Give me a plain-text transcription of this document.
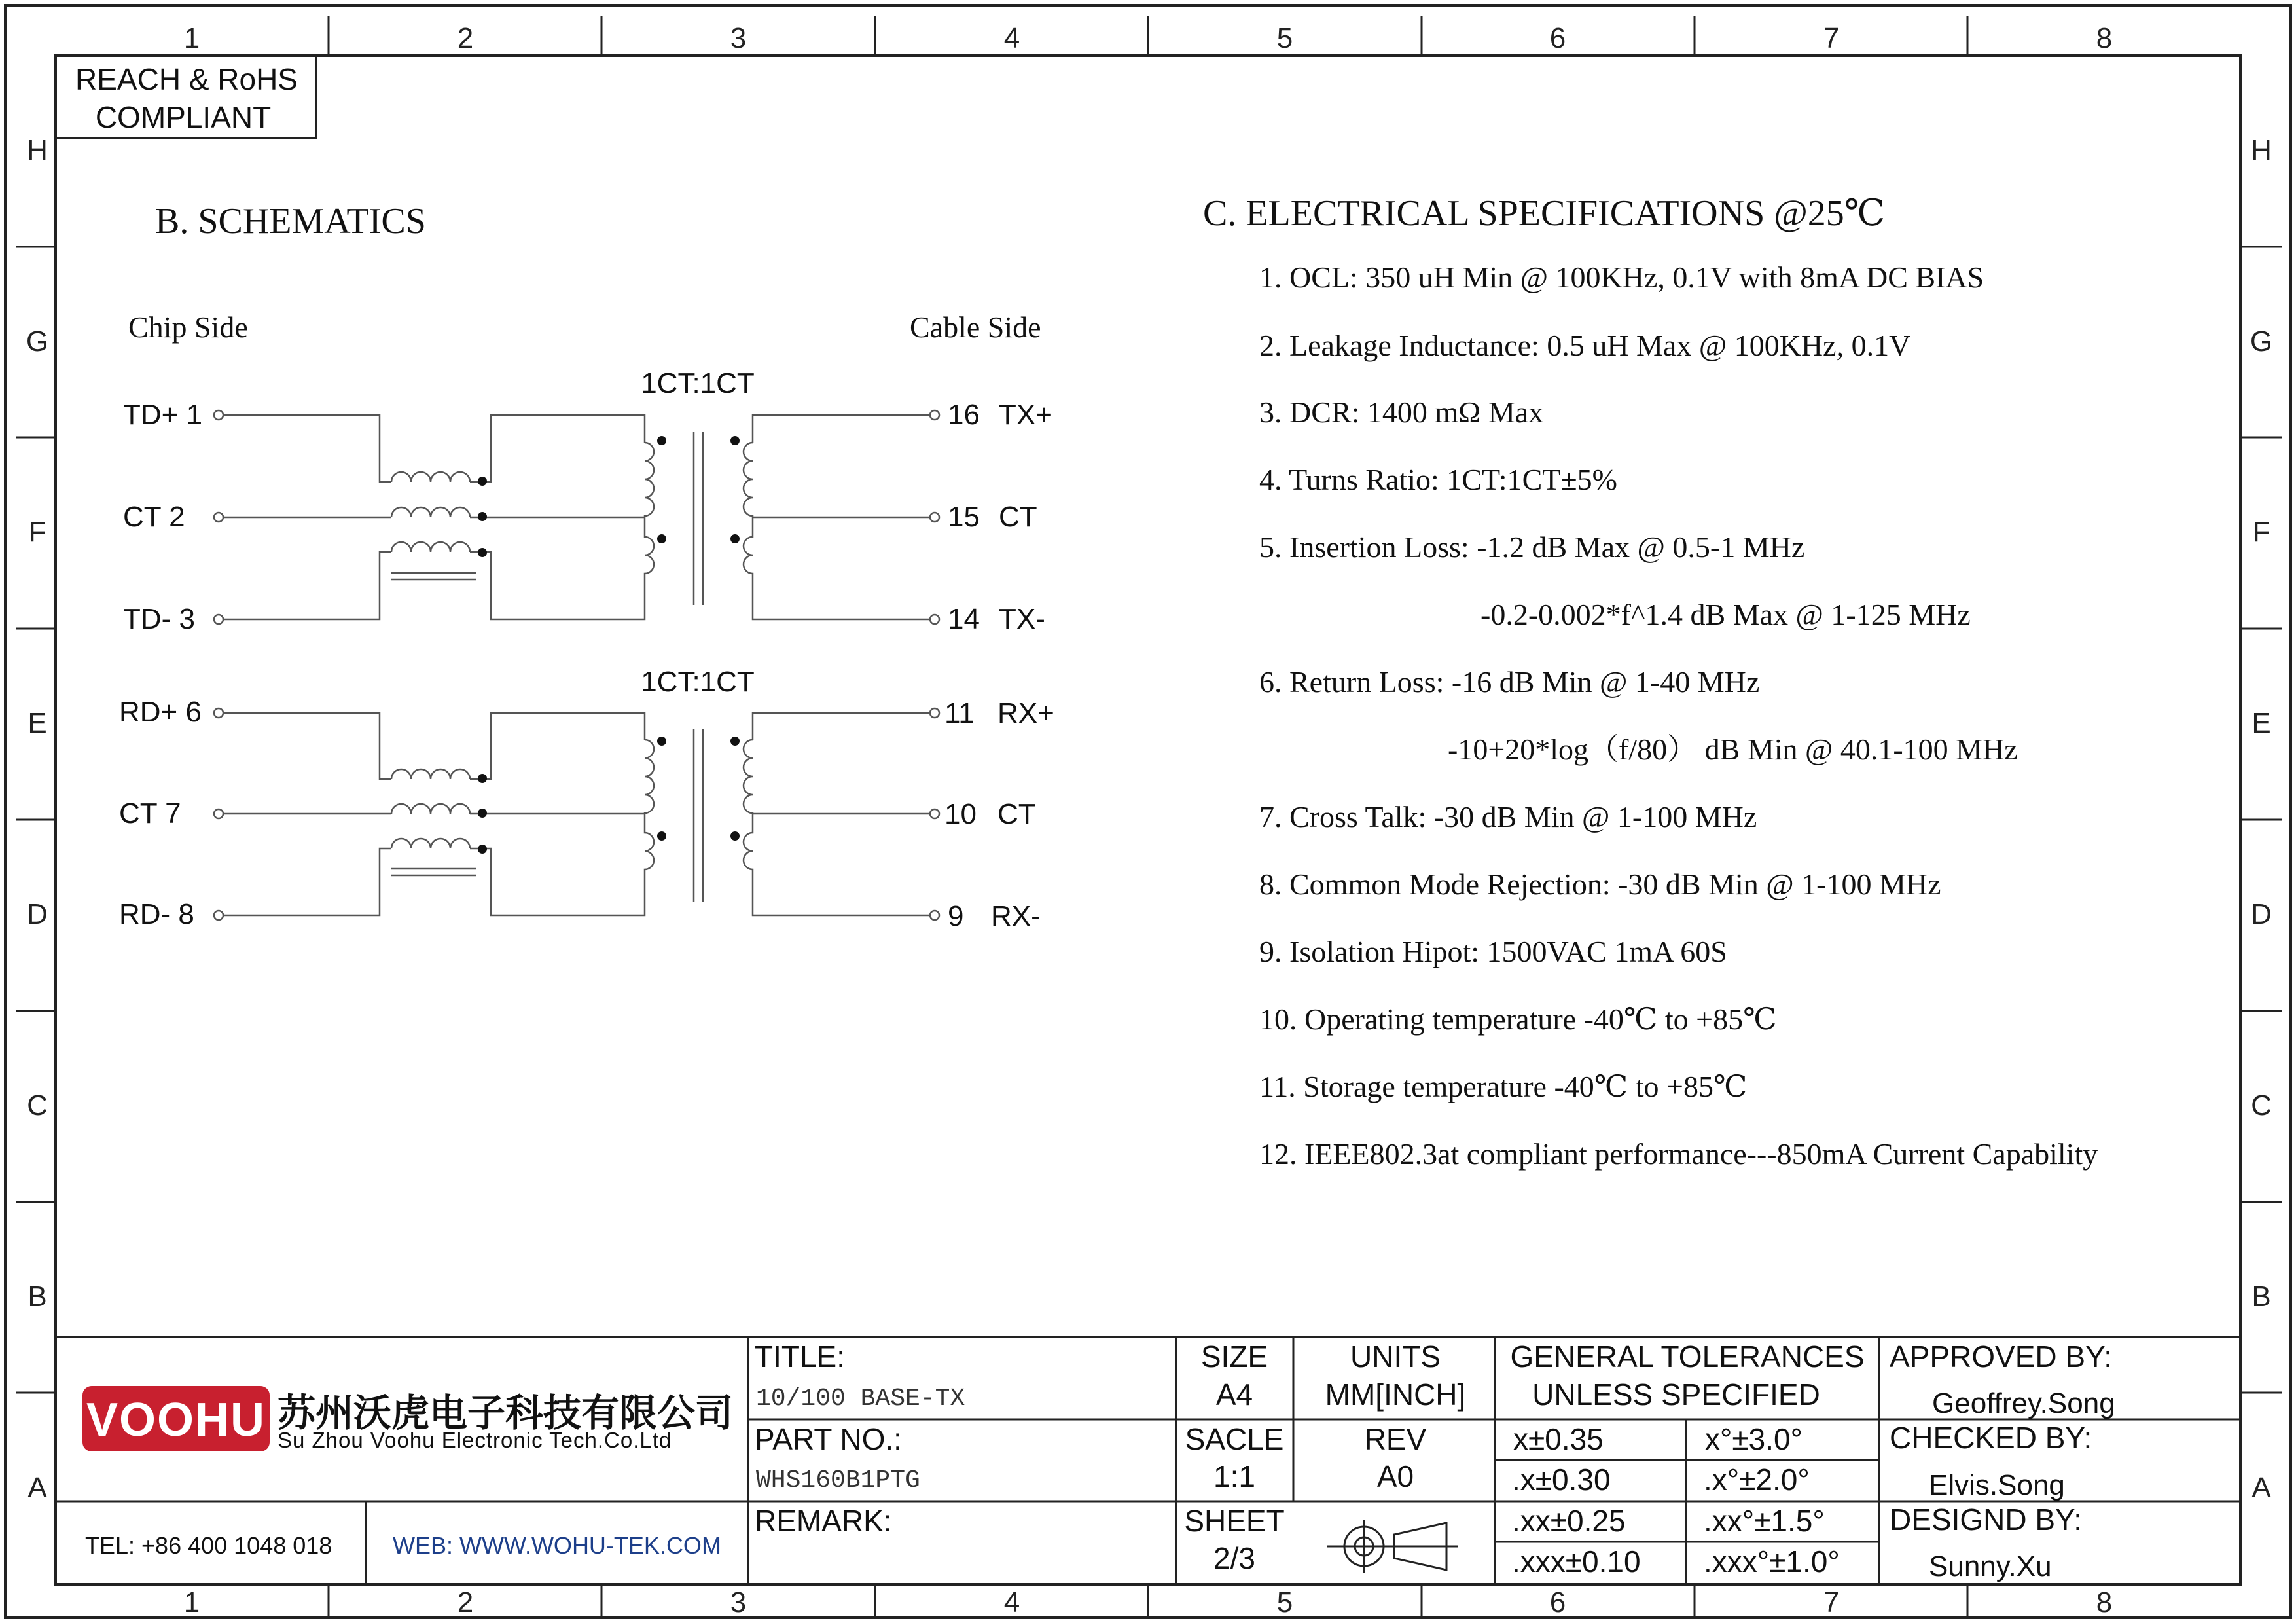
1	2	3	4	5	6	7	8
1	2	3	4	5	6	7	8
H
G
F
E
D
C
B
A
H
G
F
E
D
C
B
A
REACH & RoHS
COMPLIANT
B. SCHEMATICS
Chip Side	Cable Side
1CT:1CT
TD+ 1
CT 2
TD- 3
16
15
14
TX+
CT
TX-
1CT:1CT
RD+ 6
CT 7
RD- 8
11
10
9
RX+
CT
RX-
C. ELECTRICAL SPECIFICATIONS @25℃
1. OCL: 350 uH Min @ 100KHz, 0.1V with 8mA DC BIAS
2. Leakage Inductance: 0.5 uH Max @ 100KHz, 0.1V
3. DCR: 1400 mΩ Max
4. Turns Ratio: 1CT:1CT±5%
5. Insertion Loss: -1.2 dB Max @ 0.5-1 MHz
-0.2-0.002*f^1.4 dB Max @ 1-125 MHz
6. Return Loss: -16 dB Min @ 1-40 MHz
-10+20*log（f/80） dB Min @ 40.1-100 MHz
7. Cross Talk: -30 dB Min @ 1-100 MHz
8. Common Mode Rejection: -30 dB Min @ 1-100 MHz
9. Isolation Hipot: 1500VAC 1mA 60S
10. Operating temperature -40℃ to +85℃
11. Storage temperature -40℃ to +85℃
12. IEEE802.3at compliant performance---850mA Current Capability
VOOHU 苏州沃虎电子科技有限公司
Su Zhou Voohu Electronic Tech.Co.Ltd
TEL: +86 400 1048 018	WEB: WWW.WOHU-TEK.COM
TITLE:
10/100 BASE-TX
PART NO.:
WHS160B1PTG
REMARK:
SIZE
A4
UNITS
MM[INCH]
SACLE
1:1
REV
A0
SHEET
2/3
GENERAL TOLERANCES
UNLESS SPECIFIED
x±0.35	x°±3.0°
.x±0.30	.x°±2.0°
.xx±0.25	.xx°±1.5°
.xxx±0.10 .xxx°±1.0°
APPROVED BY:
Geoffrey.Song
CHECKED BY:
Elvis.Song
DESIGND BY:
Sunny.Xu
